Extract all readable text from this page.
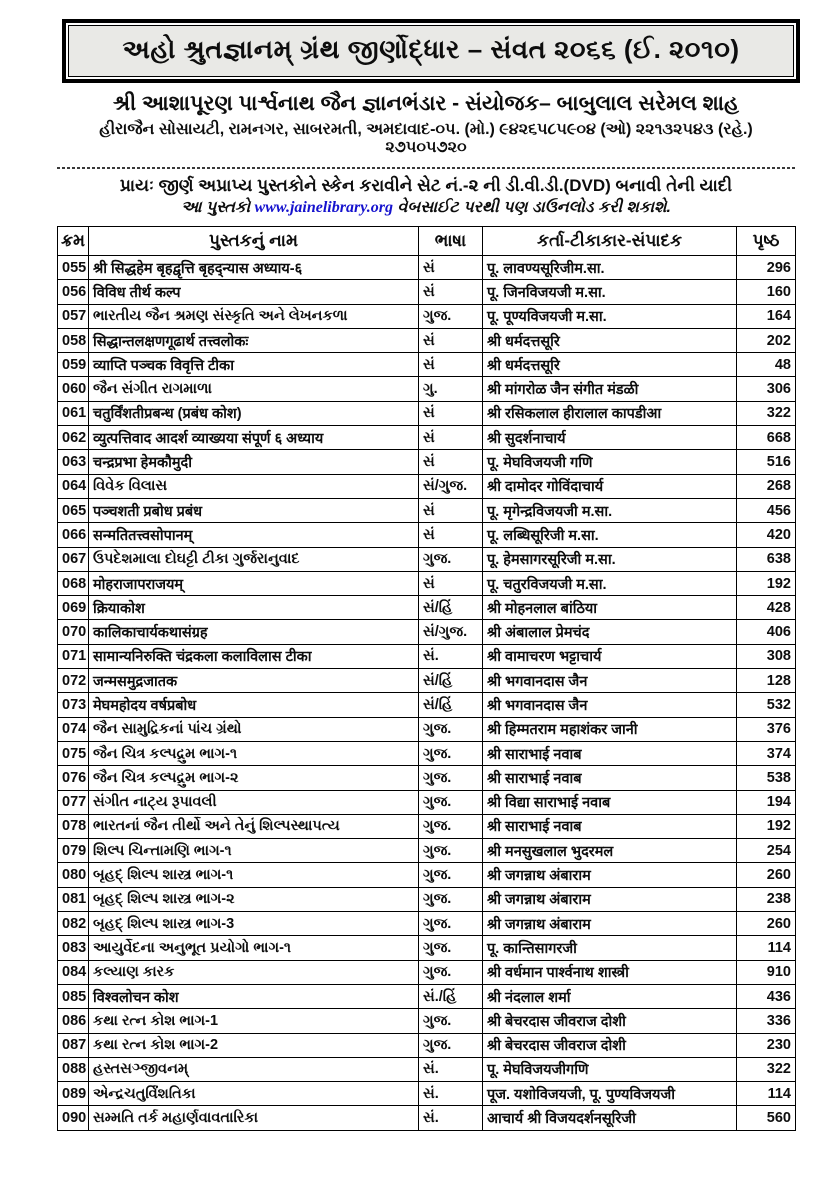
અહો શ્રુતજ્ઞાનમ્ ગ્રંથ જીર્ણોદ્ધાર – સંવત ૨૦૬૬ (ઈ. ૨૦૧૦)
શ્રી આશાપૂરણ પાર્શ્વનાથ જૈન જ્ઞાનભંડાર - સંયોજક– બાબુલાલ સરેમલ શાહ
હીરાજૈન સોસાયટી, રામનગર, સાબરમતી, અમદાવાદ-૦૫. (મો.) ૯૪૨૬૫૮૫૯૦૪ (ઓ) ૨૨૧૩૨૫૪૩ (રહે.) ૨૭૫૦૫૭૨૦
પ્રાયઃ જીર્ણ અપ્રાપ્ય પુસ્તકોને સ્કેન કરાવીને સેટ નં.-૨ ની ડી.વી.ડી.(DVD) બનાવી તેની યાદી
આ પુસ્તકો www.jainelibrary.org વેબસાઈટ પરથી પણ ડાઉનલોડ કરી શકાશે.
ક્રમ	પુસ્તકનું નામ	ભાષા	કર્તા-ટીકાકાર-સંપાદક	પૃષ્ઠ
055	श्री सिद्धहेम बृहद्वृत्ति बृहद्न्यास अध्याय-६	સં	पू. लावण्यसूरिजीम.सा.	296
056	विविध तीर्थ कल्प	સં	पू. जिनविजयजी म.सा.	160
057	ભારતીય જૈન શ્રમણ સંસ્કૃતિ અને લેખનકળા	ગુજ.	पू. पूण्यविजयजी म.सा.	164
058	सिद्धान्तलक्षणगूढार्थ तत्त्वलोकः	સં	श्री धर्मदत्तसूरि	202
059	व्याप्ति पञ्चक विवृत्ति टीका	સં	श्री धर्मदत्तसूरि	48
060	જૈન સંગીત રાગમાળા	ગુ.	श्री मांगरोळ जैन संगीत मंडळी	306
061	चतुर्विंशतीप्रबन्ध (प्रबंध कोश)	સં	श्री रसिकलाल हीरालाल कापडीआ	322
062	व्युत्पत्तिवाद आदर्श व्याख्यया संपूर्ण ६ अध्याय	સં	श्री सुदर्शनाचार्य	668
063	चन्द्रप्रभा हेमकौमुदी	સં	पू. मेघविजयजी गणि	516
064	વિવેક વિલાસ	સં/ગુજ.	श्री दामोदर गोविंदाचार्य	268
065	पञ्चशती प्रबोध प्रबंध	સં	पू. मृगेन्द्रविजयजी म.सा.	456
066	सन्मतितत्त्वसोपानम्	સં	पू. लब्धिसूरिजी म.सा.	420
067	ઉપદેશમાલા દોઘટ્ટી ટીકા ગુર્જરાનુવાદ	ગુજ.	पू. हेमसागरसूरिजी म.सा.	638
068	मोहराजापराजयम्	સં	पू. चतुरविजयजी म.सा.	192
069	क्रियाकोश	સં/હિં	श्री मोहनलाल बांठिया	428
070	कालिकाचार्यकथासंग्रह	સં/ગુજ.	श्री अंबालाल प्रेमचंद	406
071	सामान्यनिरुक्ति चंद्रकला कलाविलास टीका	સં.	श्री वामाचरण भट्टाचार्य	308
072	जन्मसमुद्रजातक	સં/હિં	श्री भगवानदास जैन	128
073	मेघमहोदय वर्षप्रबोध	સં/હિં	श्री भगवानदास जैन	532
074	જૈન સામુદ્રિકનાં પાંચ ગ્રંથો	ગુજ.	श्री हिम्मतराम महाशंकर जानी	376
075	જૈન ચિત્ર કલ્પદ્રુમ ભાગ-૧	ગુજ.	श्री साराभाई नवाब	374
076	જૈન ચિત્ર કલ્પદ્રુમ ભાગ-૨	ગુજ.	श्री साराभाई नवाब	538
077	સંગીત નાટ્ય રૂપાવલી	ગુજ.	श्री विद्या साराभाई नवाब	194
078	ભારતનાં જૈન તીર્થો અને તેનું શિલ્પસ્થાપત્ય	ગુજ.	श्री साराभाई नवाब	192
079	શિલ્પ ચિન્તામણિ ભાગ-૧	ગુજ.	श्री मनसुखलाल भुदरमल	254
080	બૃહદ્ શિલ્પ શાસ્ત્ર ભાગ-૧	ગુજ.	श्री जगन्नाथ अंबाराम	260
081	બૃહદ્ શિલ્પ શાસ્ત્ર ભાગ-૨	ગુજ.	श्री जगन्नाथ अंबाराम	238
082	બૃહદ્ શિલ્પ શાસ્ત્ર ભાગ-3	ગુજ.	श्री जगन्नाथ अंबाराम	260
083	આયુર્વેદના અનુભૂત પ્રયોગો ભાગ-૧	ગુજ.	पू. कान्तिसागरजी	114
084	કલ્યાણ કારક	ગુજ.	श्री वर्धमान पार्श्वनाथ शास्त्री	910
085	विश्वलोचन कोश	સં./હિં	श्री नंदलाल शर्मा	436
086	કથા રત્ન કોશ ભાગ-1	ગુજ.	श्री बेचरदास जीवराज दोशी	336
087	કથા રત્ન કોશ ભાગ-2	ગુજ.	श्री बेचरदास जीवराज दोशी	230
088	હસ્તસઞ્જીવનમ્	સં.	पू. मेघविजयजीगणि	322
089	એન્દ્રચતુર્વિંશતિકા	સં.	पूज. यशोविजयजी, पू. पुण्यविजयजी	114
090	સમ્મતિ તર્ક મહાર્ણવાવતારિકા	સં.	आचार्य श्री विजयदर्शनसूरिजी	560
